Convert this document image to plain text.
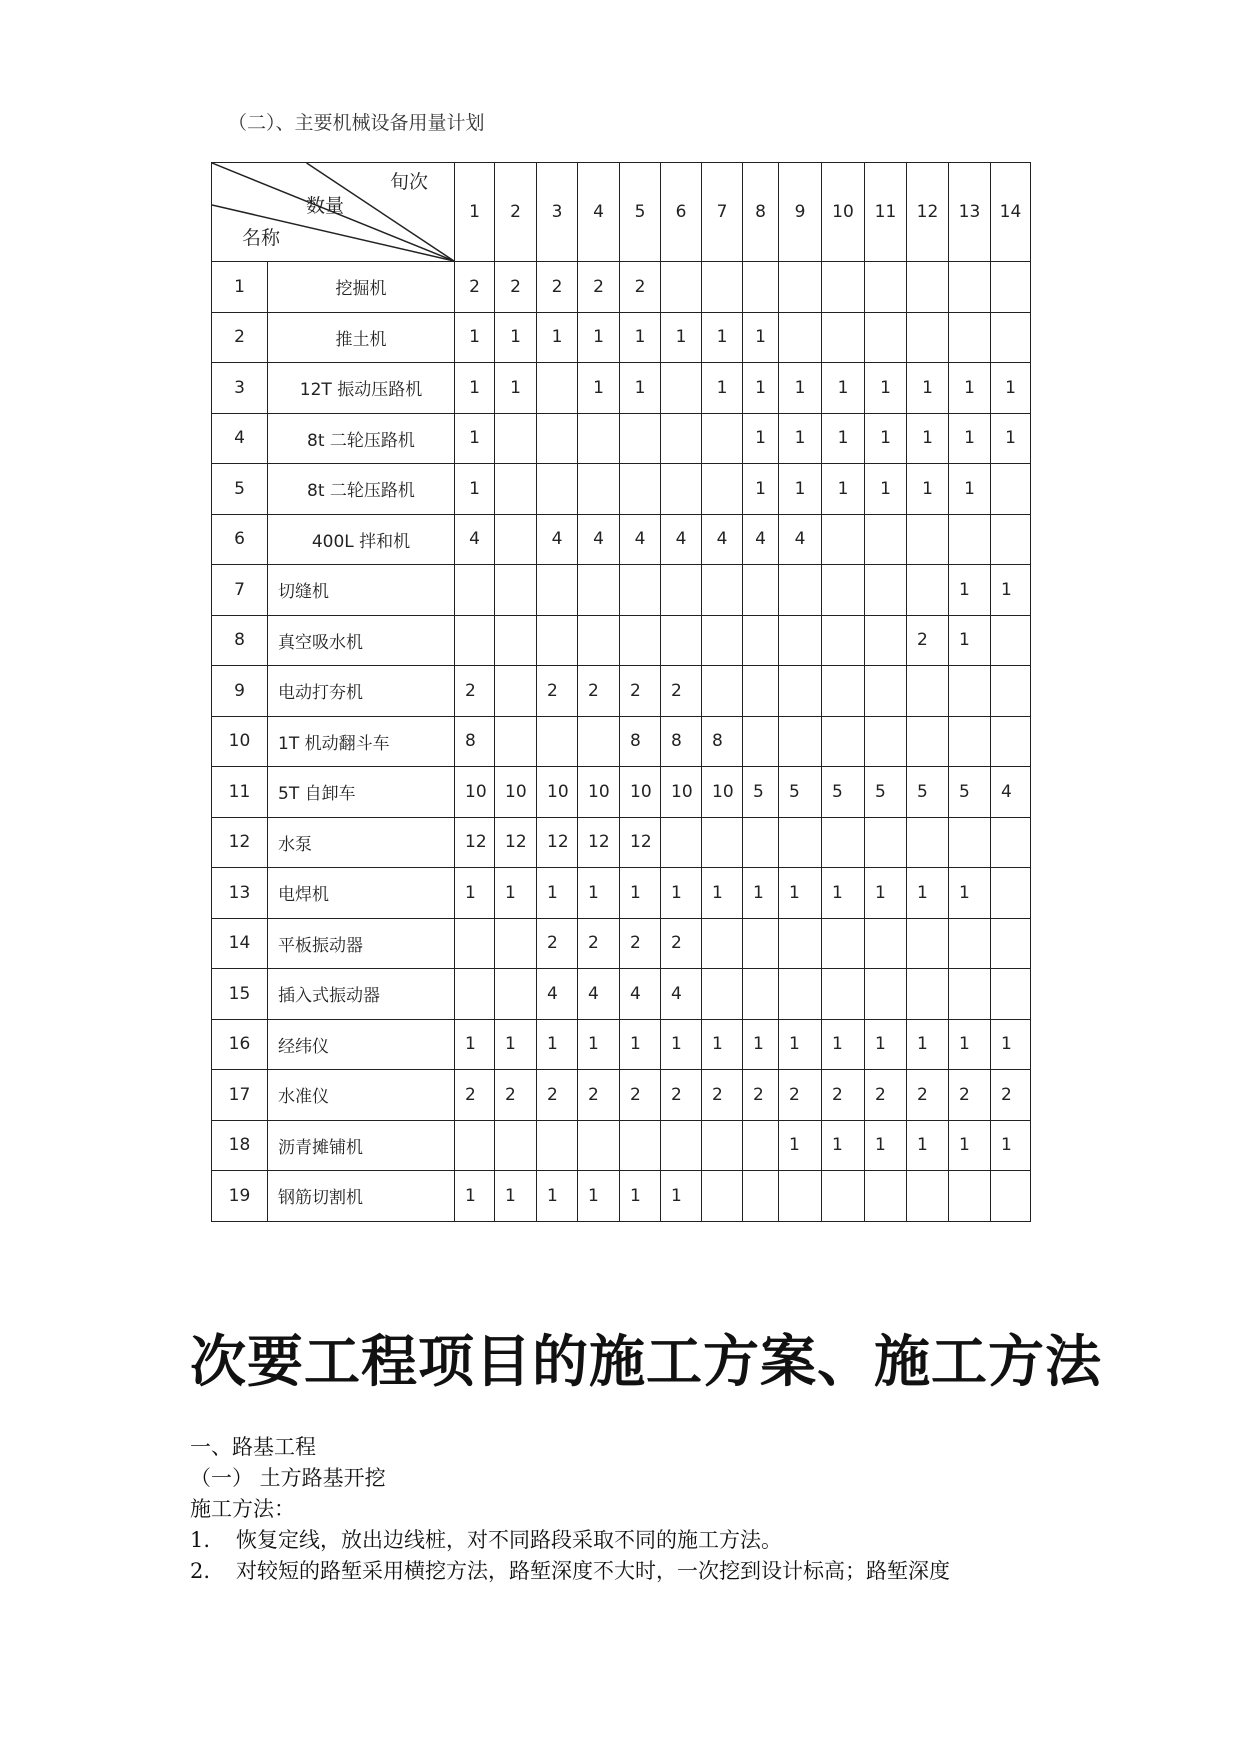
（二）、主要机械设备用量计划
旬次
数量
名称		1	2	3	4	5	6	7	8	9	10	11	12	13	14
1	挖掘机	2	2	2	2	2									
2	推土机	1	1	1	1	1	1	1	1						
3	12T 振动压路机	1	1		1	1		1	1	1	1	1	1	1	1
4	8t 二轮压路机	1							1	1	1	1	1	1	1
5	8t 二轮压路机	1							1	1	1	1	1	1	
6	400L 拌和机	4		4	4	4	4	4	4	4					
7	切缝机													1	1
8	真空吸水机												2	1	
9	电动打夯机	2		2	2	2	2								
10	1T 机动翻斗车	8				8	8	8							
11	5T 自卸车	10	10	10	10	10	10	10	5	5	5	5	5	5	4
12	水泵	12	12	12	12	12									
13	电焊机	1	1	1	1	1	1	1	1	1	1	1	1	1	
14	平板振动器			2	2	2	2								
15	插入式振动器			4	4	4	4								
16	经纬仪	1	1	1	1	1	1	1	1	1	1	1	1	1	1
17	水准仪	2	2	2	2	2	2	2	2	2	2	2	2	2	2
18	沥青摊铺机									1	1	1	1	1	1
19	钢筋切割机	1	1	1	1	1	1								
次要工程项目的施工方案、施工方法
一、路基工程
（一） 土方路基开挖
施工方法：
1. 恢复定线，放出边线桩，对不同路段采取不同的施工方法。
2. 对较短的路堑采用横挖方法，路堑深度不大时，一次挖到设计标高；路堑深度
